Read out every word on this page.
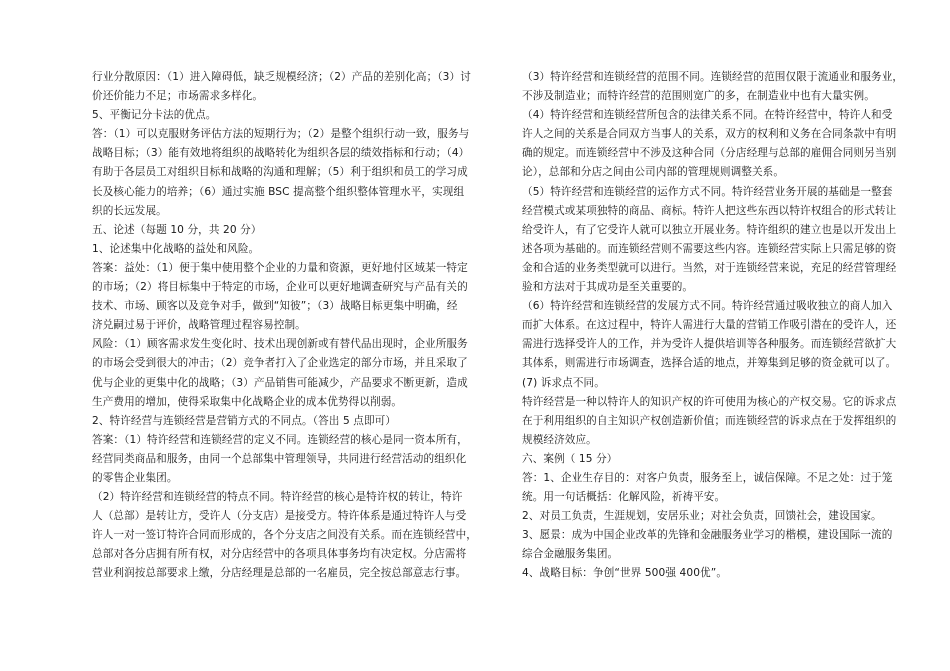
行业分散原因：（1）进入障碍低，缺乏规模经济；（2）产品的差别化高；（3）讨
价还价能力不足；市场需求多样化。
5、平衡记分卡法的优点。
答：（1）可以克服财务评估方法的短期行为；（2）是整个组织行动一致，服务与
战略目标；（3）能有效地将组织的战略转化为组织各层的绩效指标和行动；（4）
有助于各层员工对组织目标和战略的沟通和理解；（5）利于组织和员工的学习成
长及核心能力的培养；（6）通过实施 BSC 提高整个组织整体管理水平，实现组
织的长远发展。
五、论述（每题 10 分，共 20 分）
1、论述集中化战略的益处和风险。
答案：益处：（1）便于集中使用整个企业的力量和资源，更好地付区域某一特定
的市场；（2）将目标集中于特定的市场，企业可以更好地调查研究与产品有关的
技术、市场、顾客以及竞争对手，做到“知彼”；（3）战略目标更集中明确，经
济兑嗣过易于评价，战略管理过程容易控制。
风险：（1）顾客需求发生变化时、技术出现创新或有替代品出现时，企业所服务
的市场会受到很大的冲击；（2）竞争者打入了企业选定的部分市场，并且采取了
优与企业的更集中化的战略；（3）产品销售可能减少，产品要求不断更新，造成
生产费用的增加，使得采取集中化战略企业的成本优势得以削弱。
2、特许经营与连锁经营是营销方式的不同点。（答出 5 点即可）
答案：（1）特许经营和连锁经营的定义不同。连锁经营的核心是同一资本所有，
经营同类商品和服务，由同一个总部集中管理领导，共同进行经营活动的组织化
的零售企业集团。
（2）特许经营和连锁经营的特点不同。特许经营的核心是特许权的转让，特许
人（总部）是转让方，受许人（分支店）是接受方。特许体系是通过特许人与受
许人一对一签订特许合同而形成的，各个分支店之间没有关系。而在连锁经营中，
总部对各分店拥有所有权，对分店经营中的各项具体事务均有决定权。分店需将
营业利润按总部要求上缴，分店经理是总部的一名雇员，完全按总部意志行事。
（3）特许经营和连锁经营的范围不同。连锁经营的范围仅限于流通业和服务业，
不涉及制造业；而特许经营的范围则宽广的多，在制造业中也有大量实例。
（4）特许经营和连锁经营所包含的法律关系不同。在特许经营中，特许人和受
许人之间的关系是合同双方当事人的关系，双方的权利和义务在合同条款中有明
确的规定。而连锁经营中不涉及这种合同（分店经理与总部的雇佣合同则另当别
论），总部和分店之间由公司内部的管理规则调整关系。
（5）特许经营和连锁经营的运作方式不同。特许经营业务开展的基础是一整套
经营模式或某项独特的商品、商标。特许人把这些东西以特许权组合的形式转让
给受许人，有了它受许人就可以独立开展业务。特许组织的建立也是以开发出上
述各项为基础的。而连锁经营则不需要这些内容。连锁经营实际上只需足够的资
金和合适的业务类型就可以进行。当然，对于连锁经营来说，充足的经营管理经
验和方法对于其成功是至关重要的。
（6）特许经营和连锁经营的发展方式不同。特许经营通过吸收独立的商人加入
而扩大体系。在这过程中，特许人需进行大量的营销工作吸引潜在的受许人，还
需进行选择受许人的工作，并为受许人提供培训等各种服务。而连锁经营欲扩大
其体系，则需进行市场调查，选择合适的地点，并筹集到足够的资金就可以了。
(7) 诉求点不同。
特许经营是一种以特许人的知识产权的许可使用为核心的产权交易。它的诉求点
在于利用组织的自主知识产权创造新价值；而连锁经营的诉求点在于发挥组织的
规模经济效应。
六、案例（ 15 分）
答：1、企业生存目的：对客户负责，服务至上，诚信保障。不足之处：过于笼
统。用一句话概括：化解风险，祈祷平安。
2、对员工负责，生涯规划，安居乐业；对社会负责，回馈社会，建设国家。
3、愿景：成为中国企业改革的先锋和金融服务业学习的楷模，建设国际一流的
综合金融服务集团。
4、战略目标：争创“世界 500强 400优”。
